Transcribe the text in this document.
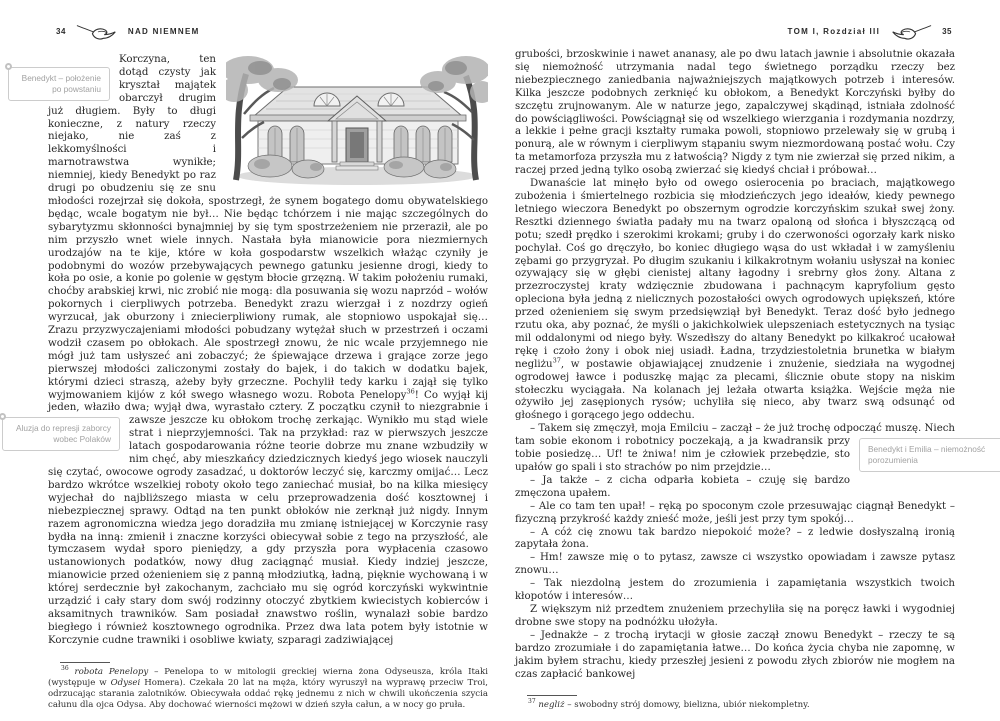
34	NAD NIEMNEM	TOM I, Rozdział III	35

Benedykt – położenie po powstaniu
Korczyna, ten dotąd czysty jak kryształ majątek obarczył drugim już długiem. Były to długi konieczne, z natury rzeczy niejako, nie zaś z lekkomyślności i marnotrawstwa wynikłe; niemniej, kiedy Benedykt po raz drugi po obudzeniu się ze snu młodości rozejrzał się dokoła, spostrzegł, że synem bogatego domu obywatelskiego będąc, wcale bogatym nie był… Nie będąc tchórzem i nie mając szczególnych do sybarytyzmu skłonności bynajmniej by się tym spostrzeżeniem nie przeraził, ale po nim przyszło wnet wiele innych. Nastała była mianowicie pora niezmiernych urodzajów na te kije, które w koła gospodarstw wszelkich włażąc czyniły je podobnymi do wozów przebywających pewnego gatunku jesienne drogi, kiedy to koła po osie, a konie po golenie w gęstym błocie grzęzną. W takim położeniu rumaki, choćby arabskiej krwi, nic zrobić nie mogą: dla posuwania się wozu naprzód – wołów pokornych i cierpliwych potrzeba. Benedykt zrazu wierzgał i z nozdrzy ogień wyrzucał, jak oburzony i zniecierpliwiony rumak, ale stopniowo uspokajał się… Zrazu przyzwyczajeniami młodości pobudzany wytężał słuch w przestrzeń i oczami wodził czasem po obłokach. Ale spostrzegł znowu, że nic wcale przyjemnego nie mógł już tam usłyszeć ani zobaczyć; że śpiewające drzewa i grające zorze jego pierwszej młodości zaliczonymi zostały do bajek, i do takich w dodatku bajek, którymi dzieci straszą, ażeby były grzeczne. Pochylił tedy karku i zajął się tylko wyjmowaniem kijów z kół swego własnego wozu. Robota Penelopy$^{36}$! Co wyjął kij jeden, właziło dwa; wyjął dwa, wyrastało cztery. Z początku czynił to niezgrabnie i zawsze jeszcze ku obłokom trochę
Aluzja do represji zaborcy wobec Polaków
zerkając. Wynikło mu stąd wiele strat i nieprzyjemności. Tak na przykład: raz w pierwszych jeszcze latach gospodarowania różne teorie dobrze mu znane wzbudziły w nim chęć, aby mieszkańcy dziedzicznych kiedyś jego wiosek nauczyli się czytać, owocowe ogrody zasadzać, u doktorów leczyć się, karczmy omijać… Lecz bardzo wkrótce wszelkiej roboty około tego zaniechać musiał, bo na kilka miesięcy wyjechał do najbliższego miasta w celu przeprowadzenia dość kosztownej i niebezpiecznej sprawy. Odtąd na ten punkt obłoków nie zerknął już nigdy. Innym razem agronomiczna wiedza jego doradziła mu zmianę istniejącej w Korczynie rasy bydła na inną: zmienił i znaczne korzyści obiecywał sobie z tego na przyszłość, ale tymczasem wydał sporo pieniędzy, a gdy przyszła pora wypłacenia czasowo ustanowionych podatków, nowy dług zaciągnąć musiał. Kiedy indziej jeszcze, mianowicie przed ożenieniem się z panną młodziutką, ładną, pięknie wychowaną i w której serdecznie był zakochanym, zachciało mu się ogród korczyński wykwintnie urządzić i cały stary dom swój rodzinny otoczyć zbytkiem kwiecistych kobierców i aksamitnych trawników. Sam posiadał znawstwo roślin, wynalazł sobie bardzo biegłego i również kosztownego ogrodnika. Przez dwa lata potem były istotnie w Korczynie cudne trawniki i osobliwe kwiaty, szparagi zadziwiającej

$^{36}$ robota Penelopy – Penelopa to w mitologii greckiej wierna żona Odyseusza, króla Itaki (występuje w Odysei Homera). Czekała 20 lat na męża, który wyruszył na wyprawę przeciw Troi, odrzucając starania zalotników. Obiecywała oddać rękę jednemu z nich w chwili ukończenia szycia całunu dla ojca Odysa. Aby dochować wierności mężowi w dzień szyła całun, a w nocy go pruła.

grubości, brzoskwinie i nawet ananasy, ale po dwu latach jawnie i absolutnie okazała się niemożność utrzymania nadal tego świetnego porządku rzeczy bez niebezpiecznego zaniedbania najważniejszych majątkowych potrzeb i interesów. Kilka jeszcze podobnych zerknięć ku obłokom, a Benedykt Korczyński byłby do szczętu zrujnowanym. Ale w naturze jego, zapalczywej skądinąd, istniała zdolność do powściągliwości. Powściągnął się od wszelkiego wierzgania i rozdymania nozdrzy, a lekkie i pełne gracji kształty rumaka powoli, stopniowo przelewały się w grubą i ponurą, ale w równym i cierpliwym stąpaniu swym niezmordowaną postać wołu. Czy ta metamorfoza przyszła mu z łatwością? Nigdy z tym nie zwierzał się przed nikim, a raczej przed jedną tylko osobą zwierzać się kiedyś chciał i próbował…

Dwanaście lat minęło było od owego osierocenia po braciach, majątkowego zubożenia i śmiertelnego rozbicia się młodzieńczych jego ideałów, kiedy pewnego letniego wieczora Benedykt po obszernym ogrodzie korczyńskim szukał swej żony. Resztki dziennego światła padały mu na twarz opaloną od słońca i błyszczącą od potu; szedł prędko i szerokimi krokami; gruby i do czerwoności ogorzały kark nisko pochylał. Coś go dręczyło, bo koniec długiego wąsa do ust wkładał i w zamyśleniu zębami go przygryzał. Po długim szukaniu i kilkakrotnym wołaniu usłyszał na koniec ozywający się w głębi cienistej altany łagodny i srebrny głos żony. Altana z przezroczystej kraty wdzięcznie zbudowana i pachnącym kapryfolium gęsto opleciona była jedną z nielicznych pozostałości owych ogrodowych upiększeń, które przed ożenieniem się swym przedsięwziął był Benedykt. Teraz dość było jednego rzutu oka, aby poznać, że myśli o jakichkolwiek ulepszeniach estetycznych na tysiąc mil oddalonymi od niego były. Wszedłszy do altany Benedykt po kilkakroć ucałował rękę i czoło żony i obok niej usiadł. Ładna, trzydziestoletnia brunetka w białym negliżu$^{37}$, w postawie objawiającej znudzenie i znużenie, siedziała na wygodnej ogrodowej ławce i poduszkę mając za plecami, ślicznie obute stopy na niskim stołeczku wyciągała. Na kolanach jej leżała otwarta książka. Wejście męża nie ożywiło jej zasępionych rysów; uchyliła się nieco, aby twarz swą odsunąć od głośnego i gorącego jego oddechu.

– Takem się zmęczył, moja Emilciu – zaczął – że już trochę odpocząć muszę. Niech tam
Benedykt i Emilia – niemożność porozumienia
sobie ekonom i robotnicy poczekają, a ja kwadransik przy tobie posiedzę… Uf! te żniwa! nim je człowiek przebędzie, sto upałów go spali i sto strachów po nim przejdzie…

– Ja także – z cicha odparła kobieta – czuję się bardzo zmęczona upałem.

– Ale co tam ten upał! – ręką po spoconym czole przesuwając ciągnął Benedykt – fizyczną przykrość każdy znieść może, jeśli jest przy tym spokój…

– A cóż cię znowu tak bardzo niepokoić może? – z ledwie dosłyszalną ironią zapytała żona.

– Hm! zawsze mię o to pytasz, zawsze ci wszystko opowiadam i zawsze pytasz znowu…

– Tak niezdolną jestem do zrozumienia i zapamiętania wszystkich twoich kłopotów i interesów…

Z większym niż przedtem znużeniem przechyliła się na poręcz ławki i wygodniej drobne swe stopy na podnóżku ułożyła.

– Jednakże – z trochą irytacji w głosie zaczął znowu Benedykt – rzeczy te są bardzo zrozumiałe i do zapamiętania łatwe… Do końca życia chyba nie zapomnę, w jakim byłem strachu, kiedy przeszłej jesieni z powodu złych zbiorów nie mogłem na czas zapłacić bankowej

$^{37}$ negliż – swobodny strój domowy, bielizna, ubiór niekompletny.
